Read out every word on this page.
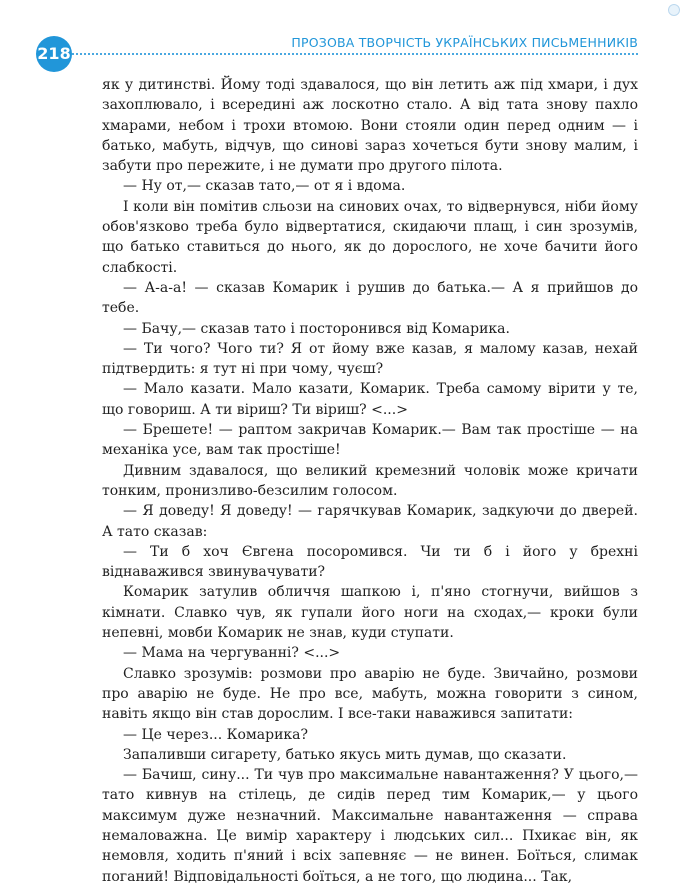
218
ПРОЗОВА ТВОРЧІСТЬ УКРАЇНСЬКИХ ПИСЬМЕННИКІВ

як у дитинстві. Йому тоді здавалося, що він летить аж під хмари, і дух захоплювало, і всередині аж лоскотно стало. А від тата знову пахло хмарами, небом і трохи втомою. Вони стояли один перед одним — і батько, мабуть, відчув, що синові зараз хочеться бути знову малим, і забути про пережите, і не думати про другого пілота.

— Ну от,— сказав тато,— от я і вдома.

І коли він помітив сльози на синових очах, то відвернувся, ніби йому обов'язково треба було відвертатися, скидаючи плащ, і син зрозумів, що батько ставиться до нього, як до дорослого, не хоче бачити його слабкості.

— А-а-а! — сказав Комарик і рушив до батька.— А я прийшов до тебе.

— Бачу,— сказав тато і посторонився від Комарика.

— Ти чого? Чого ти? Я от йому вже казав, я малому казав, нехай підтвердить: я тут ні при чому, чуєш?

— Мало казати. Мало казати, Комарик. Треба самому вірити у те, що говориш. А ти віриш? Ти віриш? <...>

— Брешете! — раптом закричав Комарик.— Вам так простіше — на механіка усе, вам так простіше!

Дивним здавалося, що великий кремезний чоловік може кричати тонким, пронизливо-безсилим голосом.

— Я доведу! Я доведу! — гарячкував Комарик, задкуючи до дверей. А тато сказав:

— Ти б хоч Євгена посоромився. Чи ти б і його у брехні віднаважився звинувачувати?

Комарик затулив обличчя шапкою і, п'яно стогнучи, вийшов з кімнати. Славко чув, як гупали його ноги на сходах,— кроки були непевні, мовби Комарик не знав, куди ступати.

— Мама на чергуванні? <...>

Славко зрозумів: розмови про аварію не буде. Звичайно, розмови про аварію не буде. Не про все, мабуть, можна говорити з сином, навіть якщо він став дорослим. І все-таки наважився запитати:

— Це через... Комарика?

Запаливши сигарету, батько якусь мить думав, що сказати.

— Бачиш, сину... Ти чув про максимальне навантаження? У цього,— тато кивнув на стілець, де сидів перед тим Комарик,— у цього максимум дуже незначний. Максимальне навантаження — справа немаловажна. Це вимір характеру і людських сил... Пхикає він, як немовля, ходить п'яний і всіх запевняє — не винен. Боїться, слимак поганий! Відповідальності боїться, а не того, що людина... Так,
